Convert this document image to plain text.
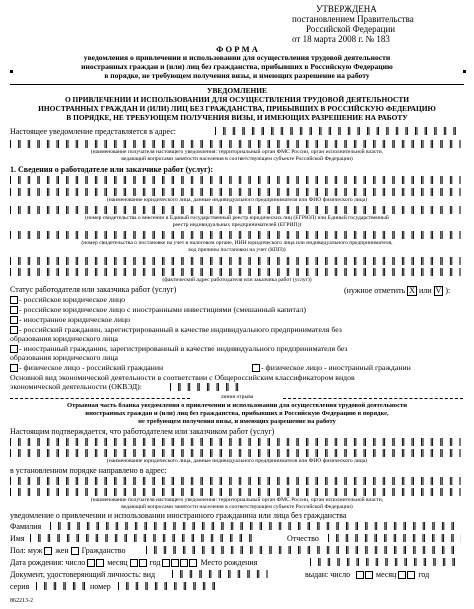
УТВЕРЖДЕНА
постановлением Правительства
Российской Федерации
от 18 марта 2008 г. № 183
Ф О Р М А
уведомления о привлечении и использовании для осуществления трудовой деятельности
иностранных граждан и (или) лиц без гражданства, прибывших в Российскую Федерацию
в порядке, не требующем получения визы, и имеющих разрешение на работу
УВЕДОМЛЕНИЕ
О ПРИВЛЕЧЕНИИ И ИСПОЛЬЗОВАНИИ ДЛЯ ОСУЩЕСТВЛЕНИЯ ТРУДОВОЙ ДЕЯТЕЛЬНОСТИ
ИНОСТРАННЫХ ГРАЖДАН И (ИЛИ) ЛИЦ БЕЗ ГРАЖДАНСТВА, ПРИБЫВШИХ В РОССИЙСКУЮ ФЕДЕРАЦИЮ
В ПОРЯДКЕ, НЕ ТРЕБУЮЩЕМ ПОЛУЧЕНИЯ ВИЗЫ, И ИМЕЮЩИХ РАЗРЕШЕНИЕ НА РАБОТУ
Настоящее уведомление представляется в адрес:
(наименование получателя настоящего уведомления: территориальный орган ФМС России, орган исполнительной власти,
ведающий вопросами занятости населения в соответствующем субъекте Российской Федерации)
1. Сведения о работодателе или заказчике работ (услуг):
(наименование юридического лица, данные индивидуального предпринимателя или ФИО физического лица)
(номер свидетельства о внесении в Единый государственный реестр юридических лиц (ЕГРЮЛ) или Единый государственный
реестр индивидуальных предпринимателей (ЕГРИП))
(номер свидетельства о постановке на учет в налоговом органе, ИНН юридического лица или индивидуального предпринимателя,
код причины постановки на учет (КПП))
(фактический адрес работодателя или заказчика работ (услуг))
Статус работодателя или заказчика работ (услуг)	(нужное отметить X или V ):
- российское юридическое лицо
- российское юридическое лицо с иностранными инвестициями (смешанный капитал)
- иностранное юридическое лицо
- российский гражданин, зарегистрированный в качестве индивидуального предпринимателя без
образования юридического лица
- иностранный гражданин, зарегистрированный в качестве индивидуального предпринимателя без
образования юридического лица
- физическое лицо - российский гражданин	- физическое лицо - иностранный гражданин
Основной вид экономической деятельности в соответствии с Общероссийским классификатором видов
экономической деятельности (ОКВЭД):
линия отрыва
Отрывная часть бланка уведомления о привлечении и использовании для осуществления трудовой деятельности
иностранных граждан и (или) лиц без гражданства, прибывших в Российскую Федерацию в порядке,
не требующем получения визы, и имеющих разрешение на работу
Настоящим подтверждается, что работодателем или заказчиком работ (услуг)
(наименование юридического лица, данные индивидуального предпринимателя или ФИО физического лица)
в установленном порядке направлено в адрес:
(наименование получателя настоящего уведомления: территориальный орган ФМС России, орган исполнительной власти,
ведающий вопросами занятости населения в соответствующем субъекте Российской Федерации)
уведомление о привлечении и использовании иностранного гражданина или лица без гражданства
Фамилия
Имя	Отчество
Пол: муж жен Гражданство
Дата рождения: число	месяц	год	Место рождения
Документ, удостоверяющий личность: вид	выдан: число	месяц	год
серия	номер
862213-2
